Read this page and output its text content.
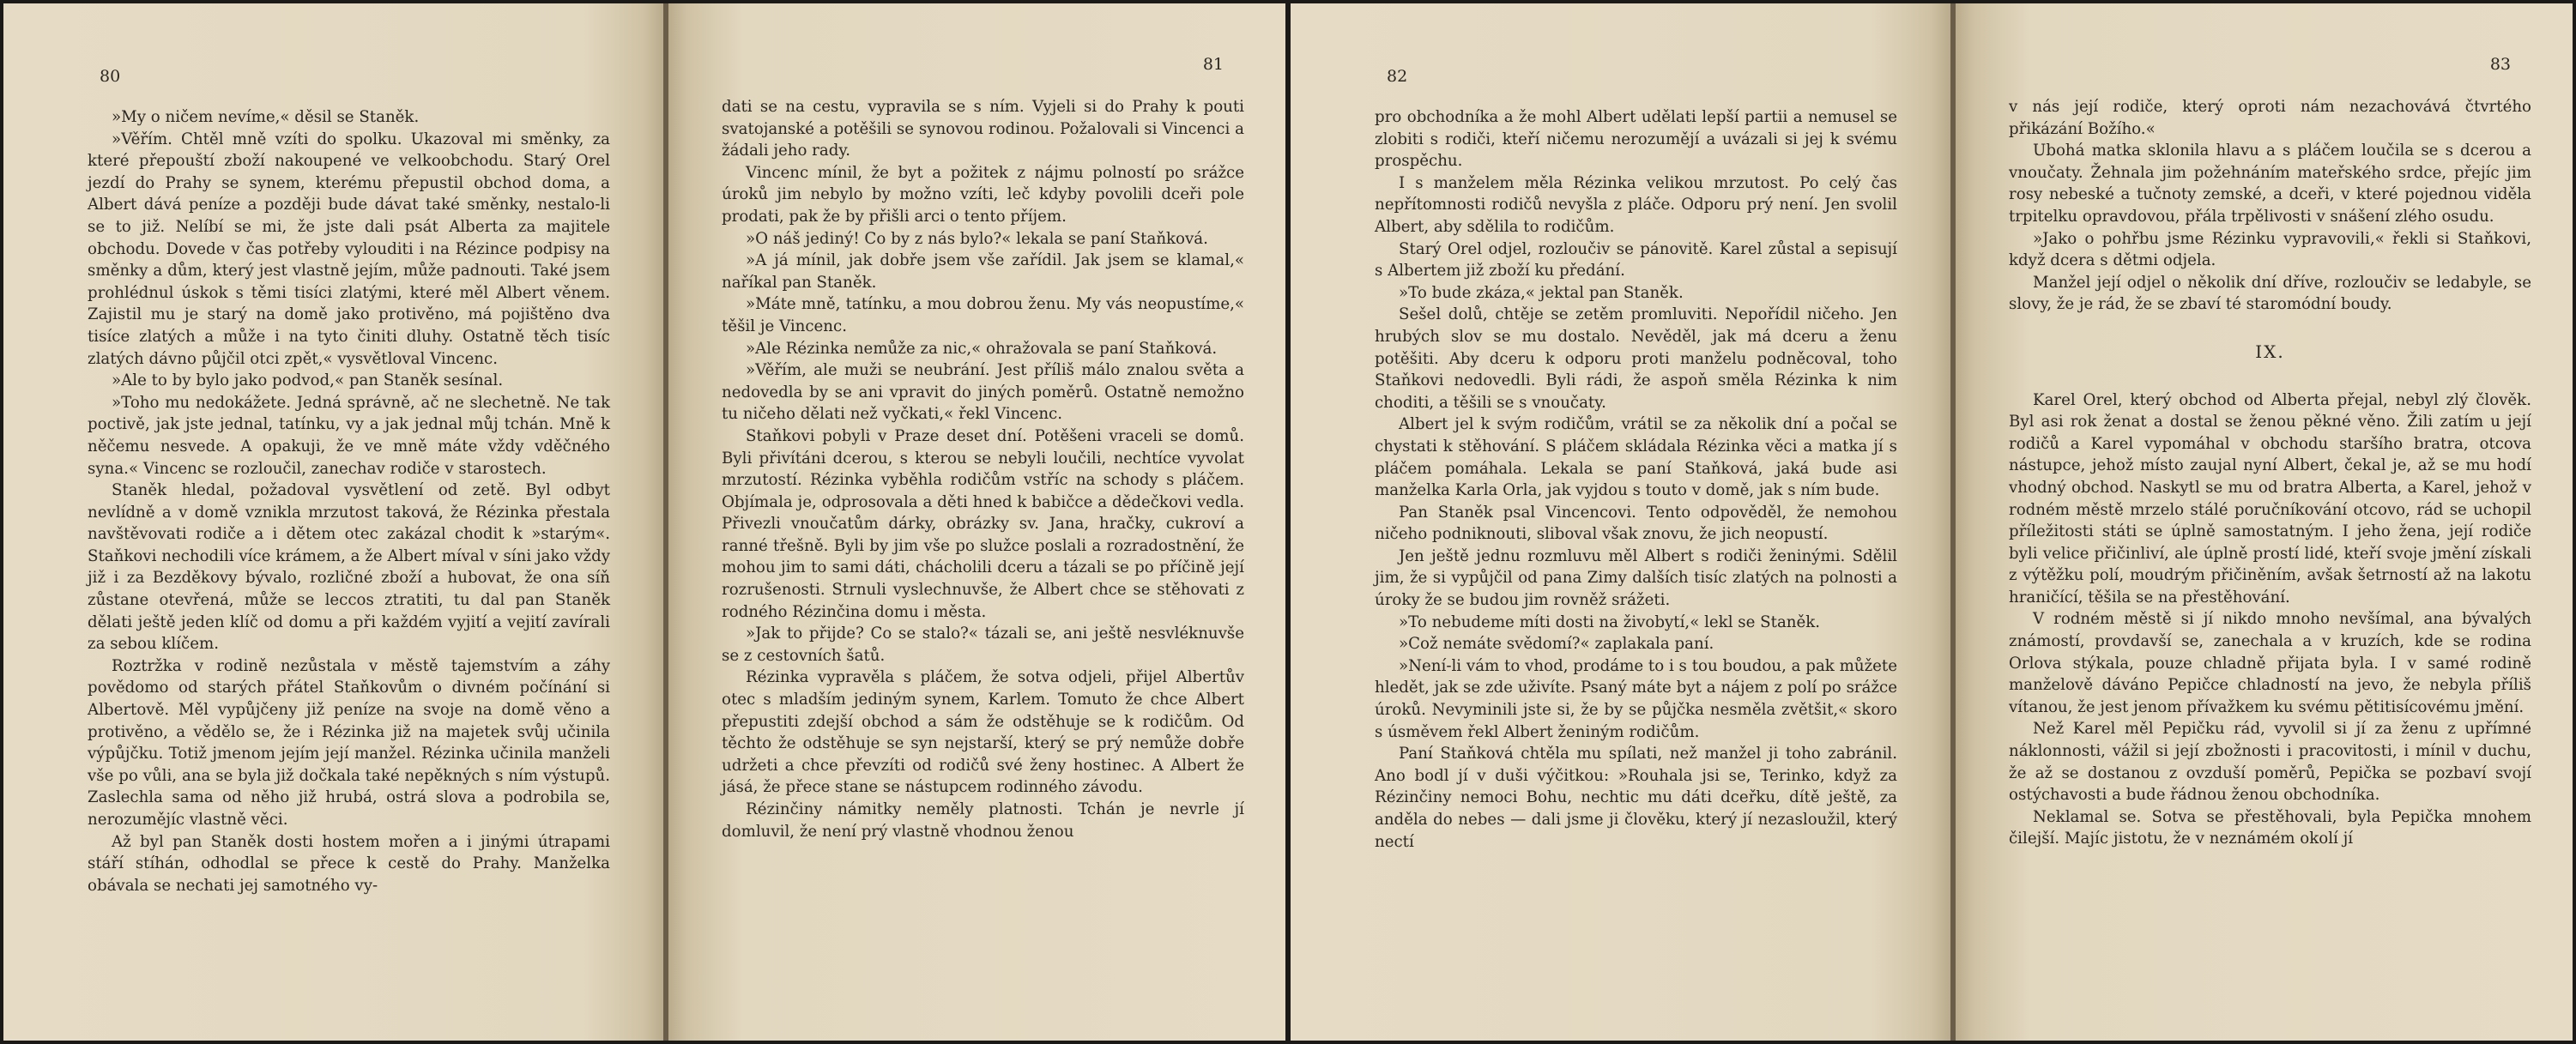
80

»My o ničem nevíme,« děsil se Staněk.

»Věřím. Chtěl mně vzíti do spolku. Ukazoval mi směnky, za které přepouští zboží nakoupené ve velkoobchodu. Starý Orel jezdí do Prahy se synem, kterému přepustil obchod doma, a Albert dává peníze a později bude dávat také směnky, nestalo-li se to již. Nelíbí se mi, že jste dali psát Alberta za majitele obchodu. Dovede v čas potřeby vylouditi i na Rézince podpisy na směnky a dům, který jest vlastně jejím, může padnouti. Také jsem prohlédnul úskok s těmi tisíci zlatými, které měl Albert věnem. Zajistil mu je starý na domě jako protivěno, má pojištěno dva tisíce zlatých a může i na tyto činiti dluhy. Ostatně těch tisíc zlatých dávno půjčil otci zpět,« vysvětloval Vincenc.

»Ale to by bylo jako podvod,« pan Staněk sesínal.

»Toho mu nedokážete. Jedná správně, ač ne slechetně. Ne tak poctivě, jak jste jednal, tatínku, vy a jak jednal můj tchán. Mně k něčemu nesvede. A opakuji, že ve mně máte vždy vděčného syna.« Vincenc se rozloučil, zanechav rodiče v starostech.

Staněk hledal, požadoval vysvětlení od zetě. Byl odbyt nevlídně a v domě vznikla mrzutost taková, že Rézinka přestala navštěvovati rodiče a i dětem otec zakázal chodit k »starým«. Staňkovi nechodili více krámem, a že Albert míval v síni jako vždy již i za Bezděkovy bývalo, rozličné zboží a hubovat, že ona síň zůstane otevřená, může se leccos ztratiti, tu dal pan Staněk dělati ještě jeden klíč od domu a při každém vyjití a vejití zavírali za sebou klíčem.

Roztržka v rodině nezůstala v městě tajemstvím a záhy povědomo od starých přátel Staňkovům o divném počínání si Albertově. Měl vypůjčeny již peníze na svoje na domě věno a protivěno, a vědělo se, že i Rézinka již na majetek svůj učinila výpůjčku. Totiž jmenom jejím její manžel. Rézinka učinila manželi vše po vůli, ana se byla již dočkala také nepěkných s ním výstupů. Zaslechla sama od něho již hrubá, ostrá slova a podrobila se, nerozumějíc vlastně věci.

Až byl pan Staněk dosti hostem mořen a i jinými útrapami stáří stíhán, odhodlal se přece k cestě do Prahy. Manželka obávala se nechati jej samotného vy-

81

dati se na cestu, vypravila se s ním. Vyjeli si do Prahy k pouti svatojanské a potěšili se synovou rodinou. Požalovali si Vincenci a žádali jeho rady.

Vincenc mínil, že byt a požitek z nájmu polností po srážce úroků jim nebylo by možno vzíti, leč kdyby povolili dceři pole prodati, pak že by přišli arci o tento příjem.

»O náš jediný! Co by z nás bylo?« lekala se paní Staňková.

»A já mínil, jak dobře jsem vše zařídil. Jak jsem se klamal,« naříkal pan Staněk.

»Máte mně, tatínku, a mou dobrou ženu. My vás neopustíme,« těšil je Vincenc.

»Ale Rézinka nemůže za nic,« ohražovala se paní Staňková.

»Věřím, ale muži se neubrání. Jest příliš málo znalou světa a nedovedla by se ani vpravit do jiných poměrů. Ostatně nemožno tu ničeho dělati než vyčkati,« řekl Vincenc.

Staňkovi pobyli v Praze deset dní. Potěšeni vraceli se domů. Byli přivítáni dcerou, s kterou se nebyli loučili, nechtíce vyvolat mrzutostí. Rézinka vyběhla rodičům vstříc na schody s pláčem. Objímala je, odprosovala a děti hned k babičce a dědečkovi vedla. Přivezli vnoučatům dárky, obrázky sv. Jana, hračky, cukroví a ranné třešně. Byli by jim vše po služce poslali a rozradostnění, že mohou jim to sami dáti, chácholili dceru a tázali se po příčině její rozrušenosti. Strnuli vyslechnuvše, že Albert chce se stěhovati z rodného Rézinčina domu i města.

»Jak to přijde? Co se stalo?« tázali se, ani ještě nesvléknuvše se z cestovních šatů.

Rézinka vypravěla s pláčem, že sotva odjeli, přijel Albertův otec s mladším jediným synem, Karlem. Tomuto že chce Albert přepustiti zdejší obchod a sám že odstěhuje se k rodičům. Od těchto že odstěhuje se syn nejstarší, který se prý nemůže dobře udržeti a chce převzíti od rodičů své ženy hostinec. A Albert že jásá, že přece stane se nástupcem rodinného závodu.

Rézinčiny námitky neměly platnosti. Tchán je nevrle jí domluvil, že není prý vlastně vhodnou ženou

82

pro obchodníka a že mohl Albert udělati lepší partii a nemusel se zlobiti s rodiči, kteří ničemu nerozumějí a uvázali si jej k svému prospěchu.

I s manželem měla Rézinka velikou mrzutost. Po celý čas nepřítomnosti rodičů nevyšla z pláče. Odporu prý není. Jen svolil Albert, aby sdělila to rodičům.

Starý Orel odjel, rozloučiv se pánovitě. Karel zůstal a sepisují s Albertem již zboží ku předání.

»To bude zkáza,« jektal pan Staněk.

Sešel dolů, chtěje se zetěm promluviti. Nepořídil ničeho. Jen hrubých slov se mu dostalo. Nevěděl, jak má dceru a ženu potěšiti. Aby dceru k odporu proti manželu podněcoval, toho Staňkovi nedovedli. Byli rádi, že aspoň směla Rézinka k nim choditi, a těšili se s vnoučaty.

Albert jel k svým rodičům, vrátil se za několik dní a počal se chystati k stěhování. S pláčem skládala Rézinka věci a matka jí s pláčem pomáhala. Lekala se paní Staňková, jaká bude asi manželka Karla Orla, jak vyjdou s touto v domě, jak s ním bude.

Pan Staněk psal Vincencovi. Tento odpověděl, že nemohou ničeho podniknouti, sliboval však znovu, že jich neopustí.

Jen ještě jednu rozmluvu měl Albert s rodiči ženinými. Sdělil jim, že si vypůjčil od pana Zimy dalších tisíc zlatých na polnosti a úroky že se budou jim rovněž srážeti.

»To nebudeme míti dosti na živobytí,« lekl se Staněk.

»Což nemáte svědomí?« zaplakala paní.

»Není-li vám to vhod, prodáme to i s tou boudou, a pak můžete hledět, jak se zde uživíte. Psaný máte byt a nájem z polí po srážce úroků. Nevyminili jste si, že by se půjčka nesměla zvětšit,« skoro s úsměvem řekl Albert ženiným rodičům.

Paní Staňková chtěla mu spílati, než manžel ji toho zabránil. Ano bodl jí v duši výčitkou: »Rouhala jsi se, Terinko, když za Rézinčiny nemoci Bohu, nechtic mu dáti dceřku, dítě ještě, za anděla do nebes — dali jsme ji člověku, který jí nezasloužil, který nectí

83

v nás její rodiče, který oproti nám nezachovává čtvrtého přikázání Božího.«

Ubohá matka sklonila hlavu a s pláčem loučila se s dcerou a vnoučaty. Žehnala jim požehnáním mateřského srdce, přejíc jim rosy nebeské a tučnoty zemské, a dceři, v které pojednou viděla trpitelku opravdovou, přála trpělivosti v snášení zlého osudu.

»Jako o pohřbu jsme Rézinku vypravovili,« řekli si Staňkovi, když dcera s dětmi odjela.

Manžel její odjel o několik dní dříve, rozloučiv se ledabyle, se slovy, že je rád, že se zbaví té staromódní boudy.

IX.

Karel Orel, který obchod od Alberta přejal, nebyl zlý člověk. Byl asi rok ženat a dostal se ženou pěkné věno. Žili zatím u její rodičů a Karel vypomáhal v obchodu staršího bratra, otcova nástupce, jehož místo zaujal nyní Albert, čekal je, až se mu hodí vhodný obchod. Naskytl se mu od bratra Alberta, a Karel, jehož v rodném městě mrzelo stálé poručníkování otcovo, rád se uchopil příležitosti státi se úplně samostatným. I jeho žena, její rodiče byli velice přičinliví, ale úplně prostí lidé, kteří svoje jmění získali z výtěžku polí, moudrým přičiněním, avšak šetrností až na lakotu hraničící, těšila se na přestěhování.

V rodném městě si jí nikdo mnoho nevšímal, ana bývalých známostí, provdavší se, zanechala a v kruzích, kde se rodina Orlova stýkala, pouze chladně přijata byla. I v samé rodině manželově dáváno Pepičce chladností na jevo, že nebyla příliš vítanou, že jest jenom přívažkem ku svému pětitisícovému jmění.

Než Karel měl Pepičku rád, vyvolil si jí za ženu z upřímné náklonnosti, vážil si její zbožnosti i pracovitosti, i mínil v duchu, že až se dostanou z ovzduší poměrů, Pepička se pozbaví svojí ostýchavosti a bude řádnou ženou obchodníka.

Neklamal se. Sotva se přestěhovali, byla Pepička mnohem čilejší. Majíc jistotu, že v neznámém okolí jí
